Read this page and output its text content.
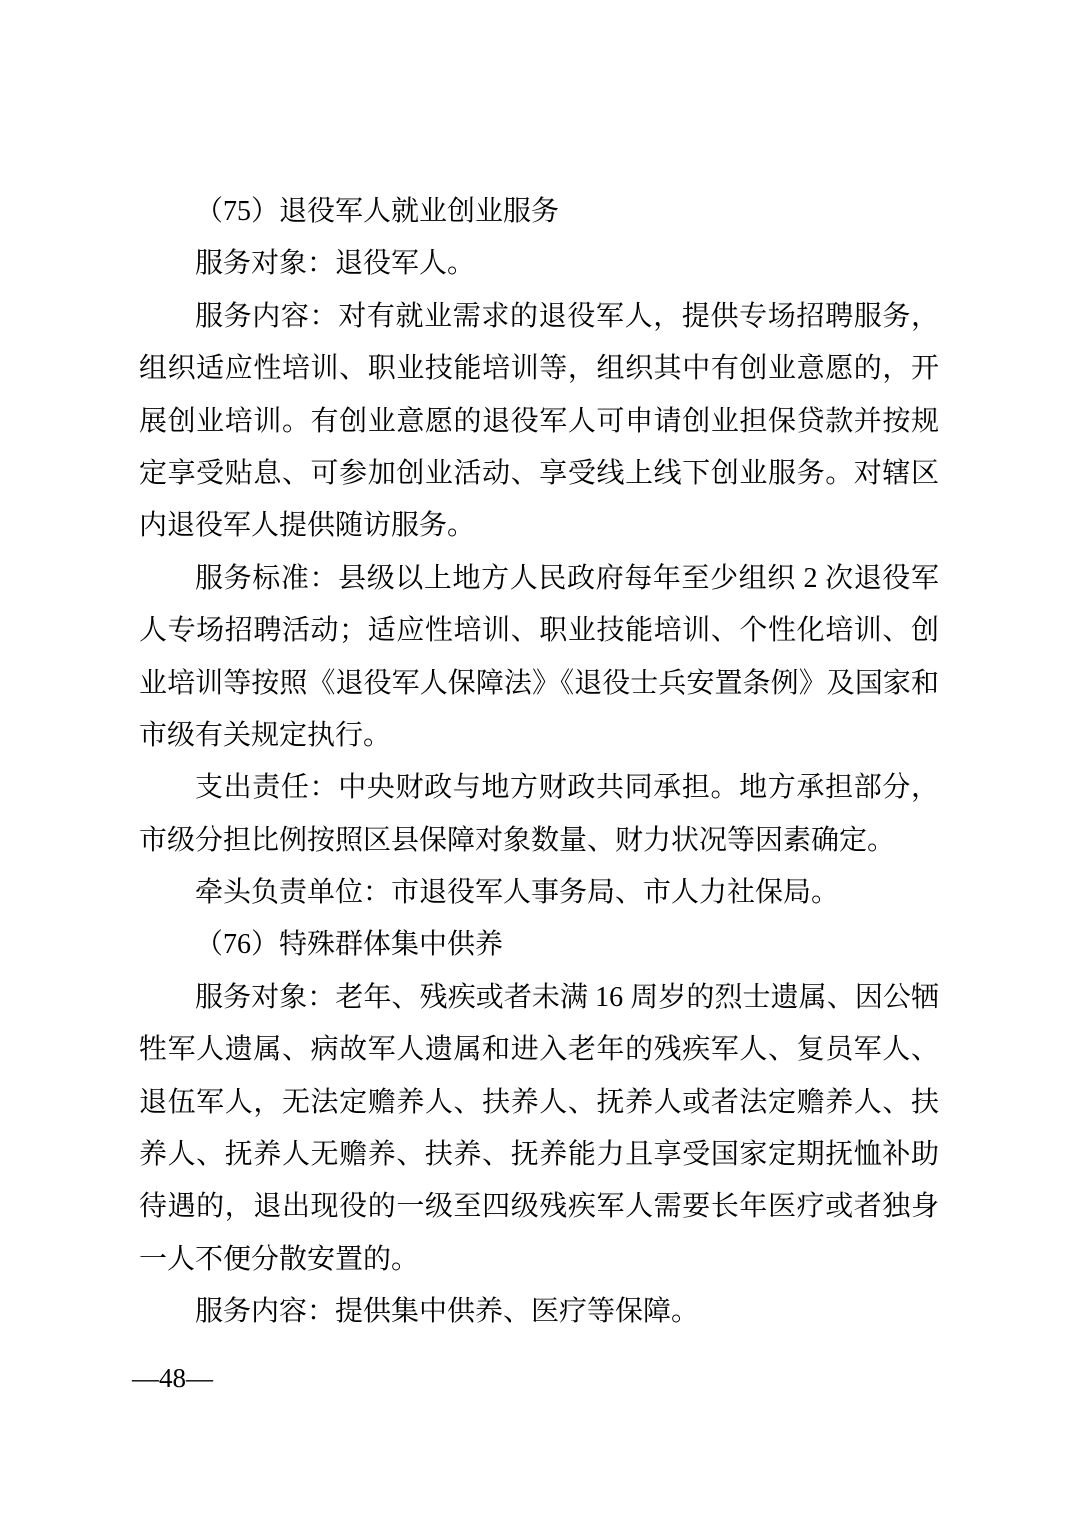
（75）退役军人就业创业服务
服务对象：退役军人。
服务内容：对有就业需求的退役军人，提供专场招聘服务，
组织适应性培训、职业技能培训等，组织其中有创业意愿的，开
展创业培训。有创业意愿的退役军人可申请创业担保贷款并按规
定享受贴息、可参加创业活动、享受线上线下创业服务。对辖区
内退役军人提供随访服务。
服务标准：县级以上地方人民政府每年至少组织 2 次退役军
人专场招聘活动；适应性培训、职业技能培训、个性化培训、创
业培训等按照《退役军人保障法》《退役士兵安置条例》及国家和
市级有关规定执行。
支出责任：中央财政与地方财政共同承担。地方承担部分，
市级分担比例按照区县保障对象数量、财力状况等因素确定。
牵头负责单位：市退役军人事务局、市人力社保局。
（76）特殊群体集中供养
服务对象：老年、残疾或者未满 16 周岁的烈士遗属、因公牺
牲军人遗属、病故军人遗属和进入老年的残疾军人、复员军人、
退伍军人，无法定赡养人、扶养人、抚养人或者法定赡养人、扶
养人、抚养人无赡养、扶养、抚养能力且享受国家定期抚恤补助
待遇的，退出现役的一级至四级残疾军人需要长年医疗或者独身
一人不便分散安置的。
服务内容：提供集中供养、医疗等保障。
—48—
